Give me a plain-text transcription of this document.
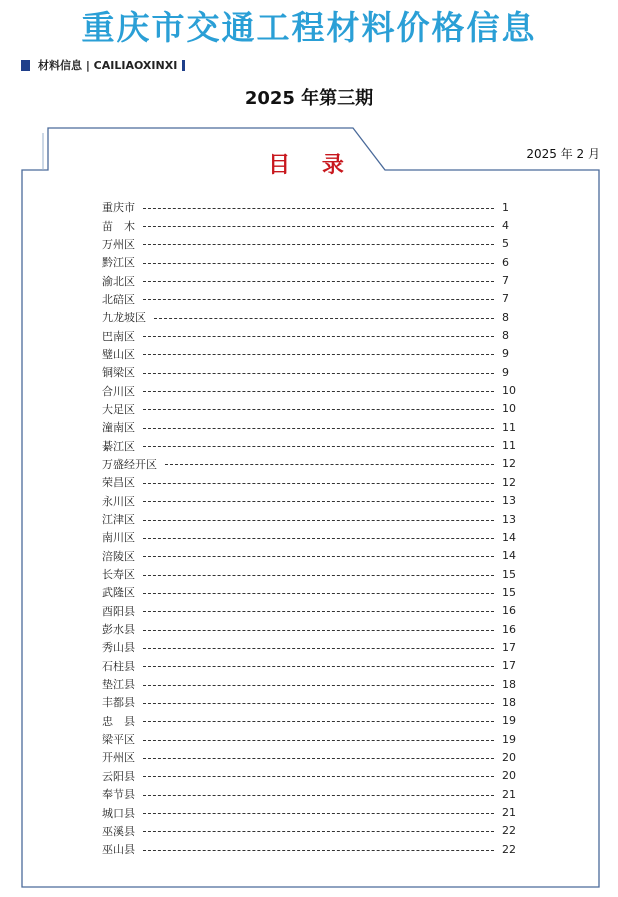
重庆市交通工程材料价格信息
材料信息 | CAILIAOXINXI
2025 年第三期
目 录	2025 年 2 月
重庆市	1
苗　木	4
万州区	5
黔江区	6
渝北区	7
北碚区	7
九龙坡区	8
巴南区	8
璧山区	9
铜梁区	9
合川区	10
大足区	10
潼南区	11
綦江区	11
万盛经开区	12
荣昌区	12
永川区	13
江津区	13
南川区	14
涪陵区	14
长寿区	15
武隆区	15
酉阳县	16
彭水县	16
秀山县	17
石柱县	17
垫江县	18
丰都县	18
忠　县	19
梁平区	19
开州区	20
云阳县	20
奉节县	21
城口县	21
巫溪县	22
巫山县	22
